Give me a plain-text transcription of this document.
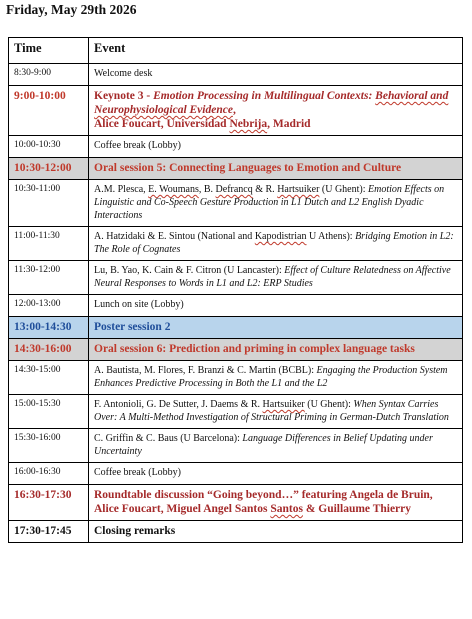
Friday, May 29th 2026
Time	Event
8:30-9:00	Welcome desk
9:00-10:00	Keynote 3 - Emotion Processing in Multilingual Contexts: Behavioral and Neurophysiological Evidence,
Alice Foucart, Universidad Nebrija, Madrid
10:00-10:30	Coffee break (Lobby)
10:30-12:00	Oral session 5: Connecting Languages to Emotion and Culture
10:30-11:00	A.M. Plesca, E. Woumans, B. Defrancq & R. Hartsuiker (U Ghent): Emotion Effects on Linguistic and Co-Speech Gesture Production in L1 Dutch and L2 English Dyadic Interactions
11:00-11:30	A. Hatzidaki & E. Sintou (National and Kapodistrian U Athens): Bridging Emotion in L2: The Role of Cognates
11:30-12:00	Lu, B. Yao, K. Cain & F. Citron (U Lancaster): Effect of Culture Relatedness on Affective Neural Responses to Words in L1 and L2: ERP Studies
12:00-13:00	Lunch on site (Lobby)
13:00-14:30	Poster session 2
14:30-16:00	Oral session 6: Prediction and priming in complex language tasks
14:30-15:00	A. Bautista, M. Flores, F. Branzi & C. Martin (BCBL): Engaging the Production System Enhances Predictive Processing in Both the L1 and the L2
15:00-15:30	F. Antonioli, G. De Sutter, J. Daems & R. Hartsuiker (U Ghent): When Syntax Carries Over: A Multi-Method Investigation of Structural Priming in German-Dutch Translation
15:30-16:00	C. Griffin & C. Baus (U Barcelona): Language Differences in Belief Updating under Uncertainty
16:00-16:30	Coffee break (Lobby)
16:30-17:30	Roundtable discussion “Going beyond…” featuring Angela de Bruin, Alice Foucart, Miguel Angel Santos Santos & Guillaume Thierry
17:30-17:45	Closing remarks
